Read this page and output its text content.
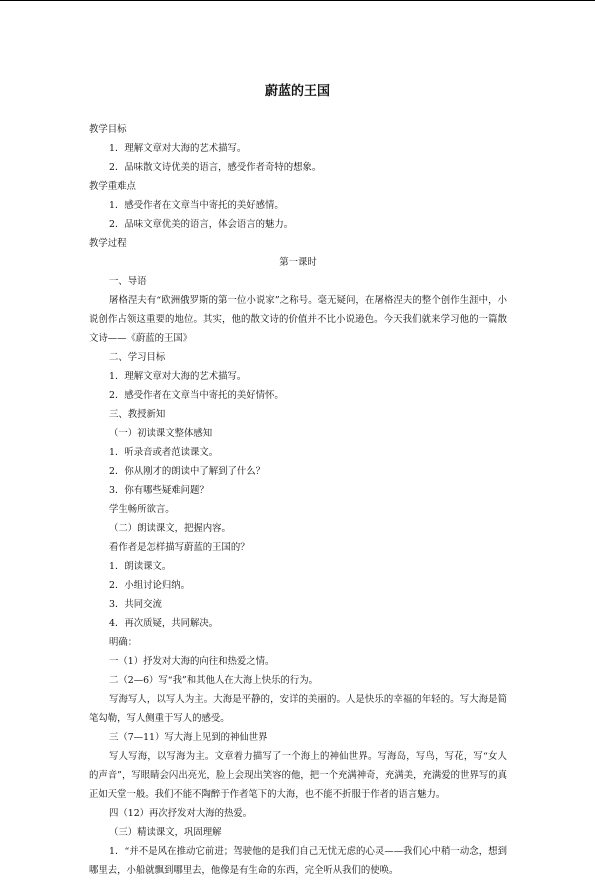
蔚蓝的王国

教学目标

1．理解文章对大海的艺术描写。

2．品味散文诗优美的语言，感受作者奇特的想象。

教学重难点

1．感受作者在文章当中寄托的美好感情。

2．品味文章优美的语言，体会语言的魅力。

教学过程

第一课时

一、导语

屠格涅夫有“欧洲俄罗斯的第一位小说家”之称号。毫无疑问，在屠格涅夫的整个创作生涯中，小说创作占领这重要的地位。其实，他的散文诗的价值并不比小说逊色。今天我们就来学习他的一篇散文诗——《蔚蓝的王国》

二、学习目标

1．理解文章对大海的艺术描写。

2．感受作者在文章当中寄托的美好情怀。

三、教授新知

（一）初读课文整体感知

1．听录音或者范读课文。

2．你从刚才的朗读中了解到了什么？

3．你有哪些疑难问题？

学生畅所欲言。

（二）朗读课文，把握内容。

看作者是怎样描写蔚蓝的王国的？

1．朗读课文。

2．小组讨论归纳。

3．共同交流

4．再次质疑，共同解决。

明确：

一（1）抒发对大海的向往和热爱之情。

二（2—6）写“我”和其他人在大海上快乐的行为。

写海写人，以写人为主。大海是平静的，安详的美丽的。人是快乐的幸福的年轻的。写大海是简笔勾勒，写人侧重于写人的感受。

三（7—11）写大海上见到的神仙世界

写人写海，以写海为主。文章着力描写了一个海上的神仙世界。写海岛，写鸟，写花，写“女人的声音”，写眼睛会闪出亮光，脸上会现出笑容的他，把一个充满神奇，充满美，充满爱的世界写的真正如天堂一般。我们不能不陶醉于作者笔下的大海，也不能不折服于作者的语言魅力。

四（12）再次抒发对大海的热爱。

（三）精读课文，巩固理解

1．“并不是风在推动它前进；驾驶他的是我们自己无忧无虑的心灵——我们心中稍一动念，想到哪里去，小船就飘到哪里去，他像是有生命的东西，完全听从我们的使唤。
